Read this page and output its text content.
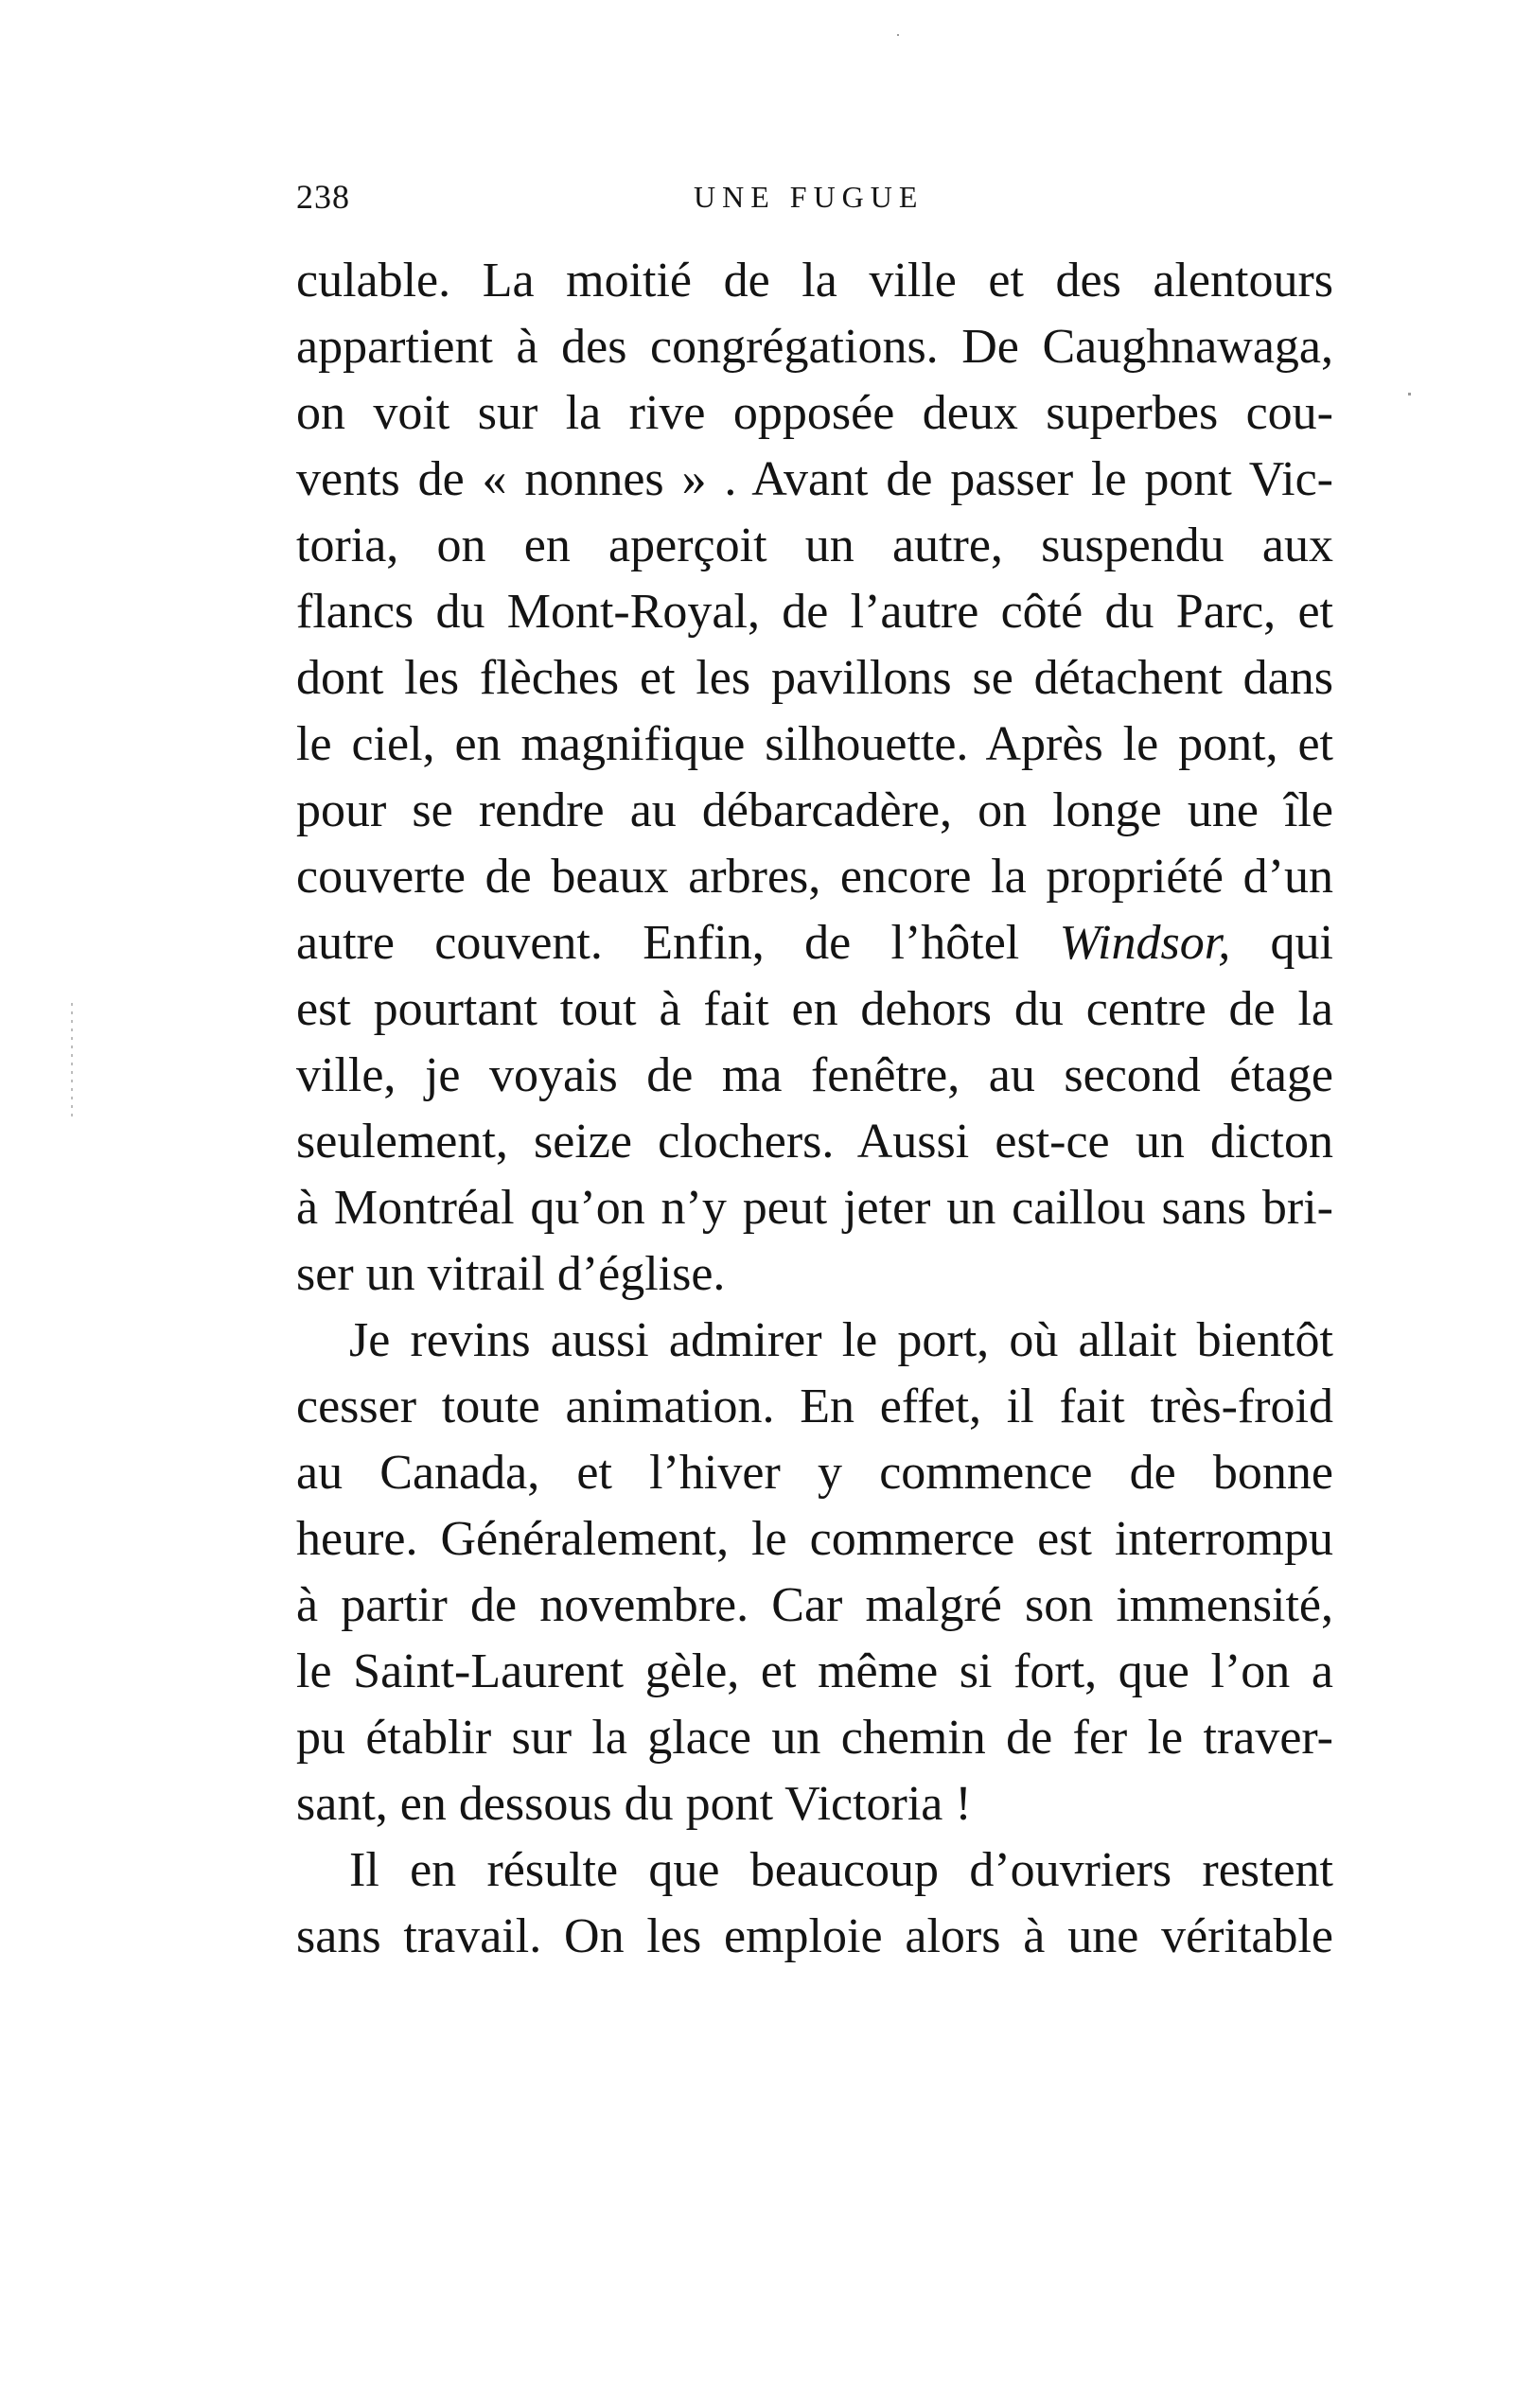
238	UNE FUGUE
culable. La moitié de la ville et des alentours
appartient à des congrégations. De Caughnawaga,
on voit sur la rive opposée deux superbes cou-
vents de « nonnes » . Avant de passer le pont Vic-
toria, on en aperçoit un autre, suspendu aux
flancs du Mont-Royal, de l’autre côté du Parc, et
dont les flèches et les pavillons se détachent dans
le ciel, en magnifique silhouette. Après le pont, et
pour se rendre au débarcadère, on longe une île
couverte de beaux arbres, encore la propriété d’un
autre couvent. Enfin, de l’hôtel Windsor, qui
est pourtant tout à fait en dehors du centre de la
ville, je voyais de ma fenêtre, au second étage
seulement, seize clochers. Aussi est-ce un dicton
à Montréal qu’on n’y peut jeter un caillou sans bri-
ser un vitrail d’église.
Je revins aussi admirer le port, où allait bientôt
cesser toute animation. En effet, il fait très-froid
au Canada, et l’hiver y commence de bonne
heure. Généralement, le commerce est interrompu
à partir de novembre. Car malgré son immensité,
le Saint-Laurent gèle, et même si fort, que l’on a
pu établir sur la glace un chemin de fer le traver-
sant, en dessous du pont Victoria !
Il en résulte que beaucoup d’ouvriers restent
sans travail. On les emploie alors à une véritable
